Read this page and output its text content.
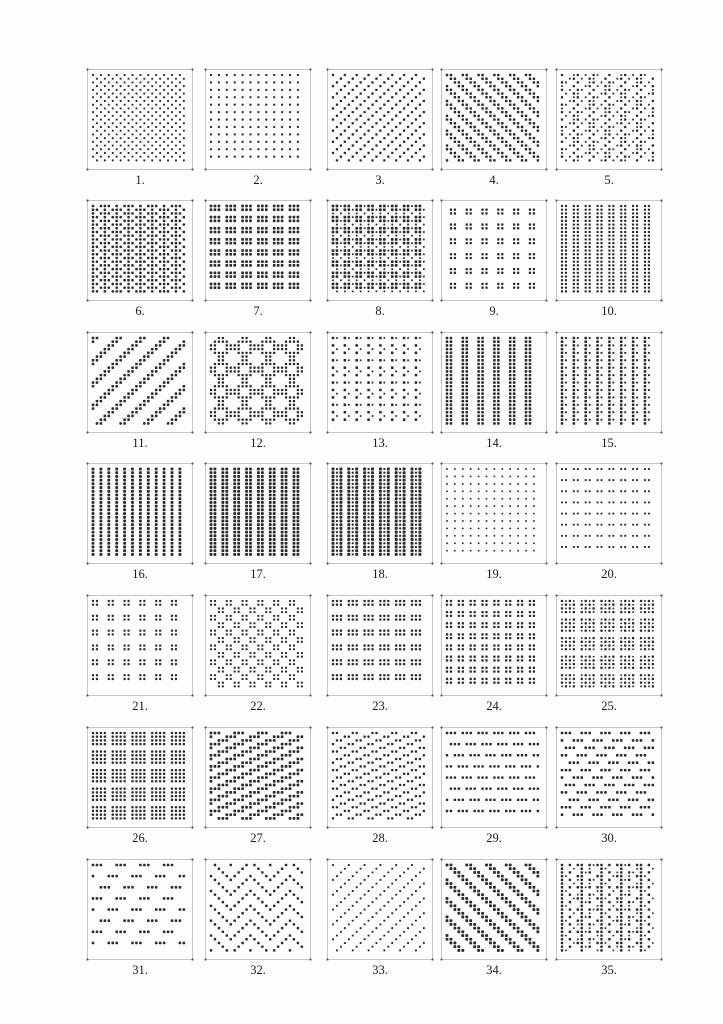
1.	2.	3.	4.	5.
6.	7.	8.	9.	10.
11.	12.	13.	14.	15.
16.	17.	18.	19.	20.
21.	22.	23.	24.	25.
26.	27.	28.	29.	30.
31.	32.	33.	34.	35.
